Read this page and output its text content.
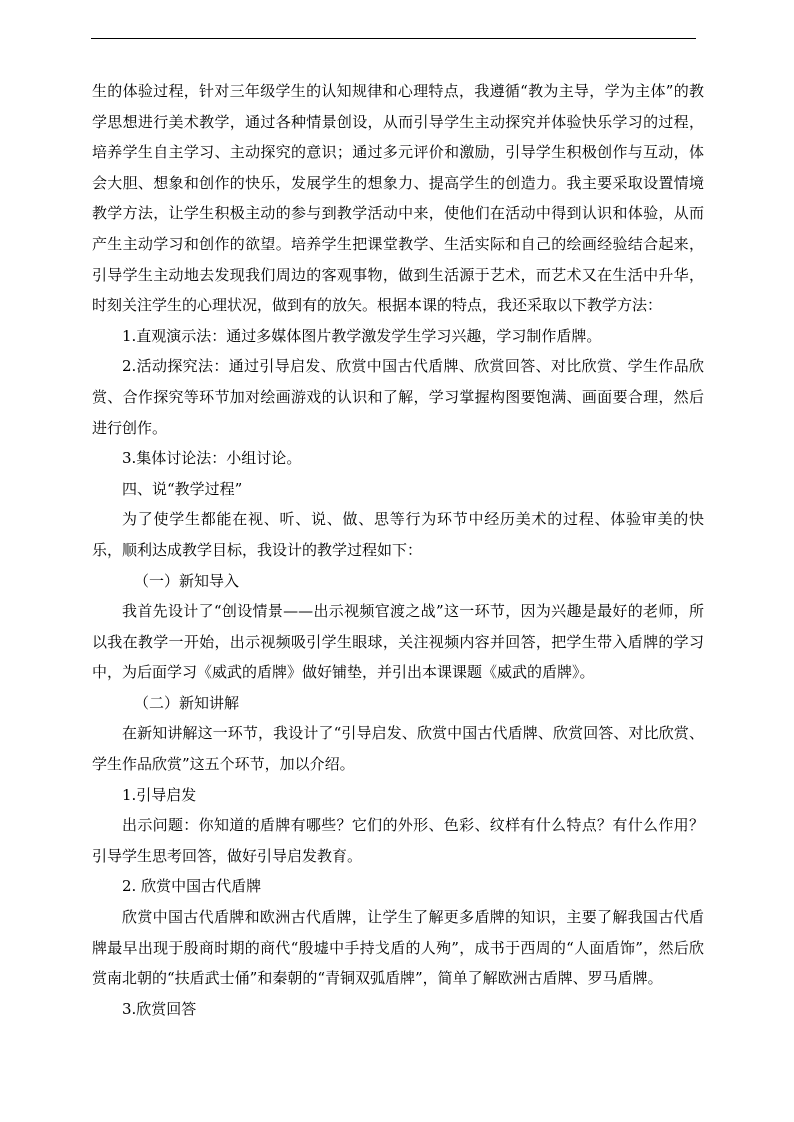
生的体验过程，针对三年级学生的认知规律和心理特点，我遵循“教为主导，学为主体”的教学思想进行美术教学，通过各种情景创设，从而引导学生主动探究并体验快乐学习的过程，培养学生自主学习、主动探究的意识；通过多元评价和激励，引导学生积极创作与互动，体会大胆、想象和创作的快乐，发展学生的想象力、提高学生的创造力。我主要采取设置情境教学方法，让学生积极主动的参与到教学活动中来，使他们在活动中得到认识和体验，从而产生主动学习和创作的欲望。培养学生把课堂教学、生活实际和自己的绘画经验结合起来，引导学生主动地去发现我们周边的客观事物，做到生活源于艺术，而艺术又在生活中升华，时刻关注学生的心理状况，做到有的放矢。根据本课的特点，我还采取以下教学方法：

1.直观演示法：通过多媒体图片教学激发学生学习兴趣，学习制作盾牌。

2.活动探究法：通过引导启发、欣赏中国古代盾牌、欣赏回答、对比欣赏、学生作品欣赏、合作探究等环节加对绘画游戏的认识和了解，学习掌握构图要饱满、画面要合理，然后进行创作。

3.集体讨论法：小组讨论。

四、说“教学过程”

为了使学生都能在视、听、说、做、思等行为环节中经历美术的过程、体验审美的快乐，顺利达成教学目标，我设计的教学过程如下：

（一）新知导入

我首先设计了“创设情景——出示视频官渡之战”这一环节，因为兴趣是最好的老师，所以我在教学一开始，出示视频吸引学生眼球，关注视频内容并回答，把学生带入盾牌的学习中，为后面学习《威武的盾牌》做好铺垫，并引出本课课题《威武的盾牌》。

（二）新知讲解

在新知讲解这一环节，我设计了“引导启发、欣赏中国古代盾牌、欣赏回答、对比欣赏、学生作品欣赏”这五个环节，加以介绍。

1.引导启发

出示问题：你知道的盾牌有哪些？它们的外形、色彩、纹样有什么特点？有什么作用？引导学生思考回答，做好引导启发教育。

2. 欣赏中国古代盾牌

欣赏中国古代盾牌和欧洲古代盾牌，让学生了解更多盾牌的知识，主要了解我国古代盾牌最早出现于殷商时期的商代“殷墟中手持戈盾的人殉”，成书于西周的“人面盾饰”，然后欣赏南北朝的“扶盾武士俑”和秦朝的“青铜双弧盾牌”，简单了解欧洲古盾牌、罗马盾牌。

3.欣赏回答
